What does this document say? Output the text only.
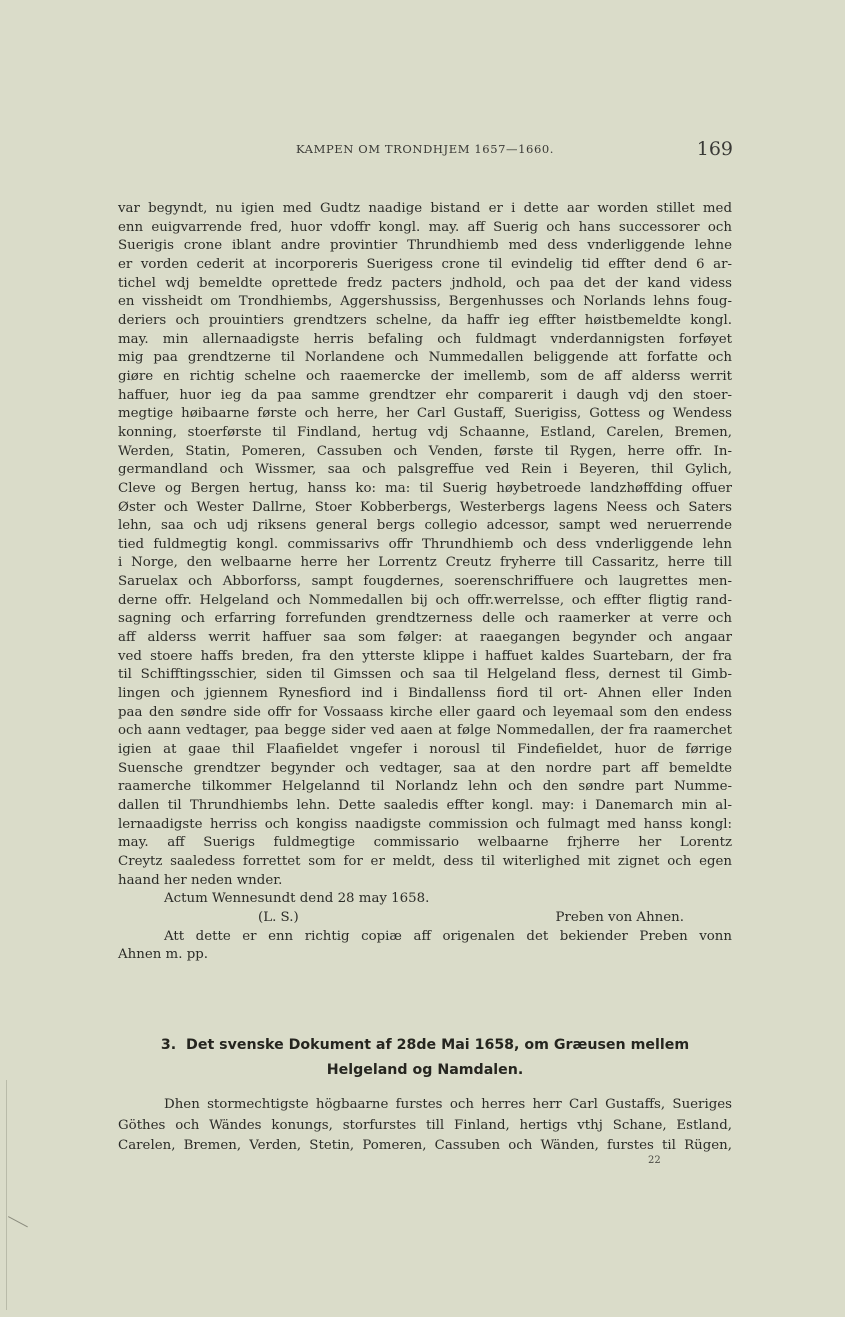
KAMPEN OM TRONDHJEM 1657—1660.	169

var begyndt, nu igien med Gudtz naadige bistand er i dette aar worden stillet med
enn euigvarrende fred, huor vdoffr kongl. may. aff Suerig och hans successorer och
Suerigis crone iblant andre provintier Thrundhiemb med dess vnderliggende lehne
er vorden cederit at incorporeris Suerigess crone til evindelig tid effter dend 6 ar-
tichel wdj bemeldte oprettede fredz pacters jndhold, och paa det der kand videss
en vissheidt om Trondhiembs, Aggershussiss, Bergenhusses och Norlands lehns foug-
deriers och prouintiers grendtzers schelne, da haffr ieg effter høistbemeldte kongl.
may. min allernaadigste herris befaling och fuldmagt vnderdannigsten forføyet
mig paa grendtzerne til Norlandene och Nummedallen beliggende att forfatte och
giøre en richtig schelne och raaemercke der imellemb, som de aff alderss werrit
haffuer, huor ieg da paa samme grendtzer ehr comparerit i daugh vdj den stoer-
megtige høibaarne første och herre, her Carl Gustaff, Suerigiss, Gottess og Wendess
konning, stoerførste til Findland, hertug vdj Schaanne, Estland, Carelen, Bremen,
Werden, Statin, Pomeren, Cassuben och Venden, første til Rygen, herre offr. In-
germandland och Wissmer, saa och palsgreffue ved Rein i Beyeren, thil Gylich,
Cleve og Bergen hertug, hanss ko: ma: til Suerig høybetroede landzhøffding offuer
Øster och Wester Dallrne, Stoer Kobberbergs, Westerbergs lagens Neess och Saters
lehn, saa och udj riksens general bergs collegio adcessor, sampt wed neruerrende
tied fuldmegtig kongl. commissarivs offr Thrundhiemb och dess vnderliggende lehn
i Norge, den welbaarne herre her Lorrentz Creutz fryherre till Cassaritz, herre till
Saruelax och Abborforss, sampt fougdernes, soerenschriffuere och laugrettes men-
derne offr. Helgeland och Nommedallen bij och offr.werrelsse, och effter fligtig rand-
sagning och erfarring forrefunden grendtzerness delle och raamerker at verre och
aff alderss werrit haffuer saa som følger: at raaegangen begynder och angaar
ved stoere haffs breden, fra den ytterste klippe i haffuet kaldes Suartebarn, der fra
til Schifftingsschier, siden til Gimssen och saa til Helgeland fless, dernest til Gimb-
lingen och jgiennem Rynesfiord ind i Bindallenss fiord til ort- Ahnen eller Inden
paa den søndre side offr for Vossaass kirche eller gaard och leyemaal som den endess
och aann vedtager, paa begge sider ved aaen at følge Nommedallen, der fra raamerchet
igien at gaae thil Flaafieldet vngefer i norousl til Findefieldet, huor de førrige
Suensche grendtzer begynder och vedtager, saa at den nordre part aff bemeldte
raamerche tilkommer Helgelannd til Norlandz lehn och den søndre part Numme-
dallen til Thrundhiembs lehn. Dette saaledis effter kongl. may: i Danemarch min al-
lernaadigste herriss och kongiss naadigste commission och fulmagt med hanss kongl:
may. aff Suerigs fuldmegtige commissario welbaarne frjherre her Lorentz
Creytz saaledess forrettet som for er meldt, dess til witerlighed mit zignet och egen
haand her neden wnder.

Actum Wennesundt dend 28 may 1658.

(L. S.)	Preben von Ahnen.

Att dette er enn richtig copiæ aff origenalen det bekiender Preben vonn
Ahnen m. pp.

3. Det svenske Dokument af 28de Mai 1658, om Græusen mellem
Helgeland og Namdalen.
Dhen stormechtigste högbaarne furstes och herres herr Carl Gustaffs, Sueriges
Göthes och Wändes konungs, storfurstes till Finland, hertigs vthj Schane, Estland,
Carelen, Bremen, Verden, Stetin, Pomeren, Cassuben och Wänden, furstes til Rügen,
22
